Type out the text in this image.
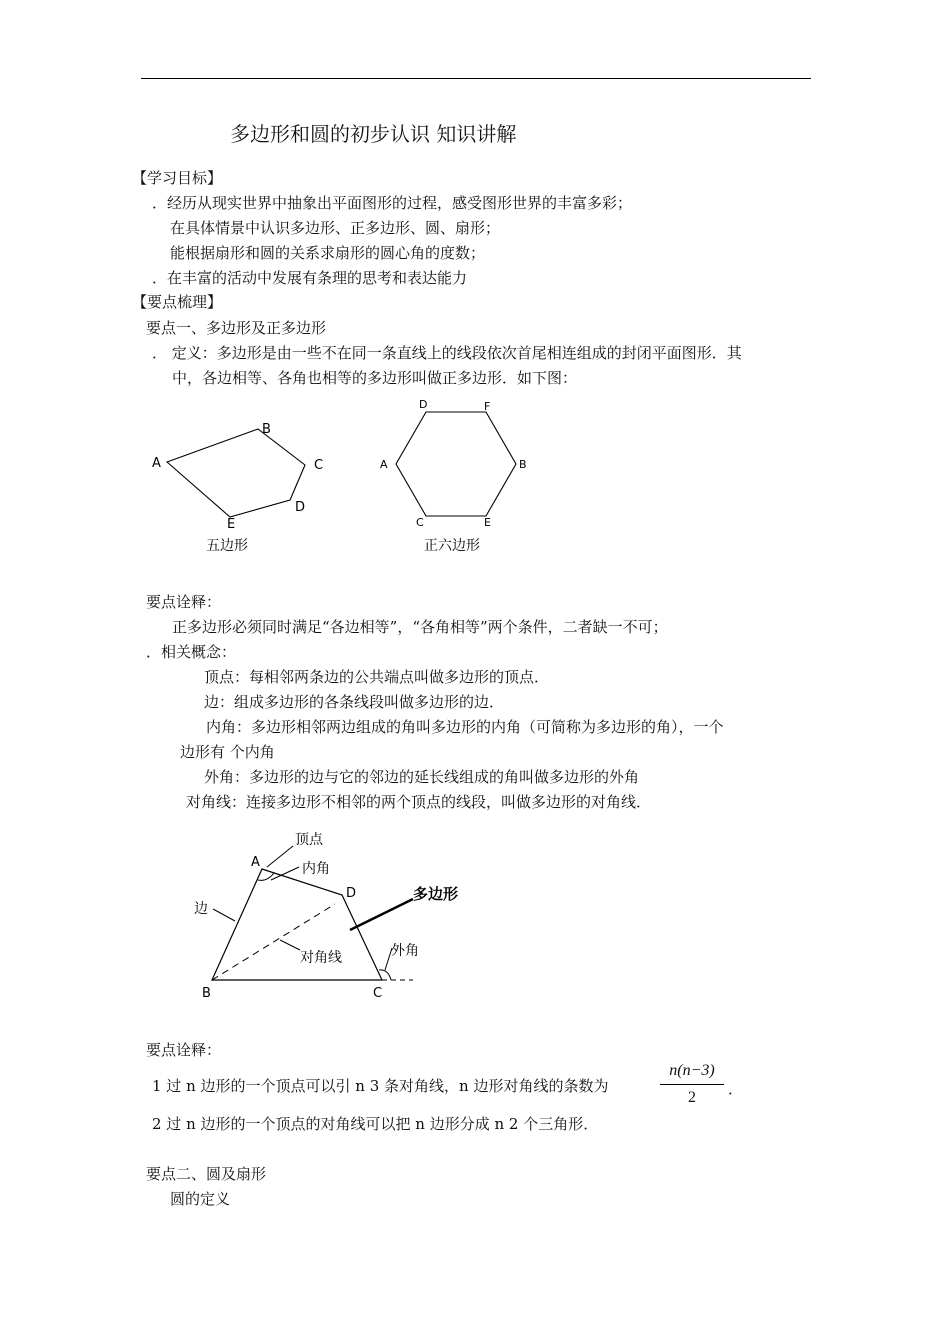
多边形和圆的初步认识 知识讲解
【学习目标】
．经历从现实世界中抽象出平面图形的过程，感受图形世界的丰富多彩；
在具体情景中认识多边形、正多边形、圆、扇形；
能根据扇形和圆的关系求扇形的圆心角的度数；
．在丰富的活动中发展有条理的思考和表达能力
【要点梳理】
要点一、多边形及正多边形
． 定义：多边形是由一些不在同一条直线上的线段依次首尾相连组成的封闭平面图形．其
中，各边相等、各角也相等的多边形叫做正多边形．如下图：
A
B
C
D
E
五边形
D	F
A	B
C	E
正六边形
要点诠释：
正多边形必须同时满足“各边相等”，“各角相等”两个条件，二者缺一不可；
．相关概念：
顶点：每相邻两条边的公共端点叫做多边形的顶点．
边：组成多边形的各条线段叫做多边形的边．
内角：多边形相邻两边组成的角叫多边形的内角（可简称为多边形的角），一个
边形有 个内角
外角：多边形的边与它的邻边的延长线组成的角叫做多边形的外角
对角线：连接多边形不相邻的两个顶点的线段，叫做多边形的对角线．
A
B	C
D
顶点
内角
边
对角线	外角
多边形
要点诠释：
1 过 n 边形的一个顶点可以引 n 3 条对角线，n 边形对角线的条数为
n(n−3)
2	．
2 过 n 边形的一个顶点的对角线可以把 n 边形分成 n 2 个三角形．
要点二、圆及扇形
圆的定义
